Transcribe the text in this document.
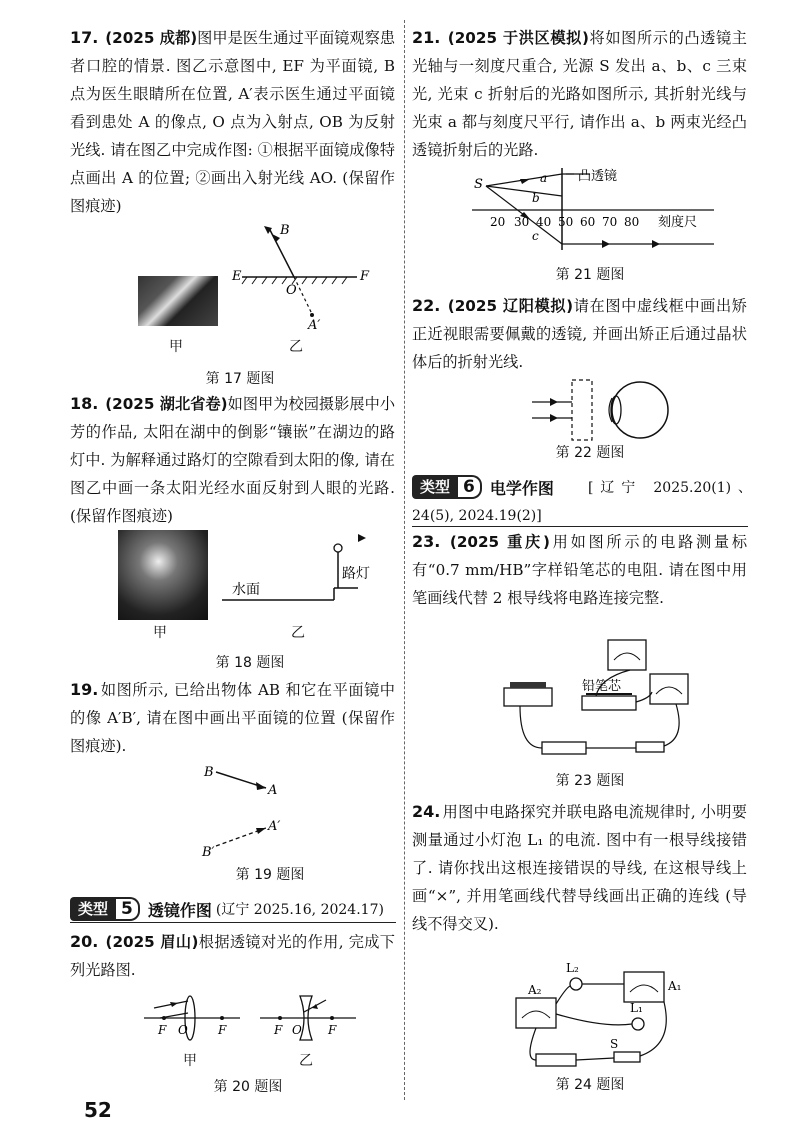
17. (2025 成都)图甲是医生通过平面镜观察患者口腔的情景. 图乙示意图中, EF 为平面镜, B 点为医生眼睛所在位置, A′表示医生通过平面镜看到患处 A 的像点, O 点为入射点, OB 为反射光线. 请在图乙中完成作图: ①根据平面镜成像特点画出 A 的位置; ②画出入射光线 AO. (保留作图痕迹)
E	F
O
B
A′
甲	乙
第 17 题图
18. (2025 湖北省卷)如图甲为校园摄影展中小芳的作品, 太阳在湖中的倒影“镶嵌”在湖边的路灯中. 为解释通过路灯的空隙看到太阳的像, 请在图乙中画一条太阳光经水面反射到人眼的光路. (保留作图痕迹)
水面
路灯
甲	乙
第 18 题图
19. 如图所示, 已给出物体 AB 和它在平面镜中的像 A′B′, 请在图中画出平面镜的位置 (保留作图痕迹).
B
A
A′
B′
第 19 题图
类型 5 透镜作图 (辽宁 2025.16, 2024.17)
20. (2025 眉山)根据透镜对光的作用, 完成下列光路图.
F O	F	F O F
甲	乙
第 20 题图
52
21. (2025 于洪区模拟)将如图所示的凸透镜主光轴与一刻度尺重合, 光源 S 发出 a、b、c 三束光, 光束 c 折射后的光路如图所示, 其折射光线与光束 a 都与刻度尺平行, 请作出 a、b 两束光经凸透镜折射后的光路.
S	a
b
c
凸透镜
刻度尺
20 30 40 50 60 70 80
第 21 题图
22. (2025 辽阳模拟)请在图中虚线框中画出矫正近视眼需要佩戴的透镜, 并画出矫正后通过晶状体后的折射光线.
第 22 题图
类型 6 电学作图	[辽宁 2025.20(1)、24(5), 2024.19(2)]
23. (2025 重庆)用如图所示的电路测量标有“0.7 mm/HB”字样铅笔芯的电阻. 请在图中用笔画线代替 2 根导线将电路连接完整.
铅笔芯
第 23 题图
24. 用图中电路探究并联电路电流规律时, 小明要测量通过小灯泡 L₁ 的电流. 图中有一根导线接错了. 请你找出这根连接错误的导线, 在这根导线上画“×”, 并用笔画线代替导线画出正确的连线 (导线不得交叉).
A₂	A₁
L₂
L₁
S
第 24 题图
